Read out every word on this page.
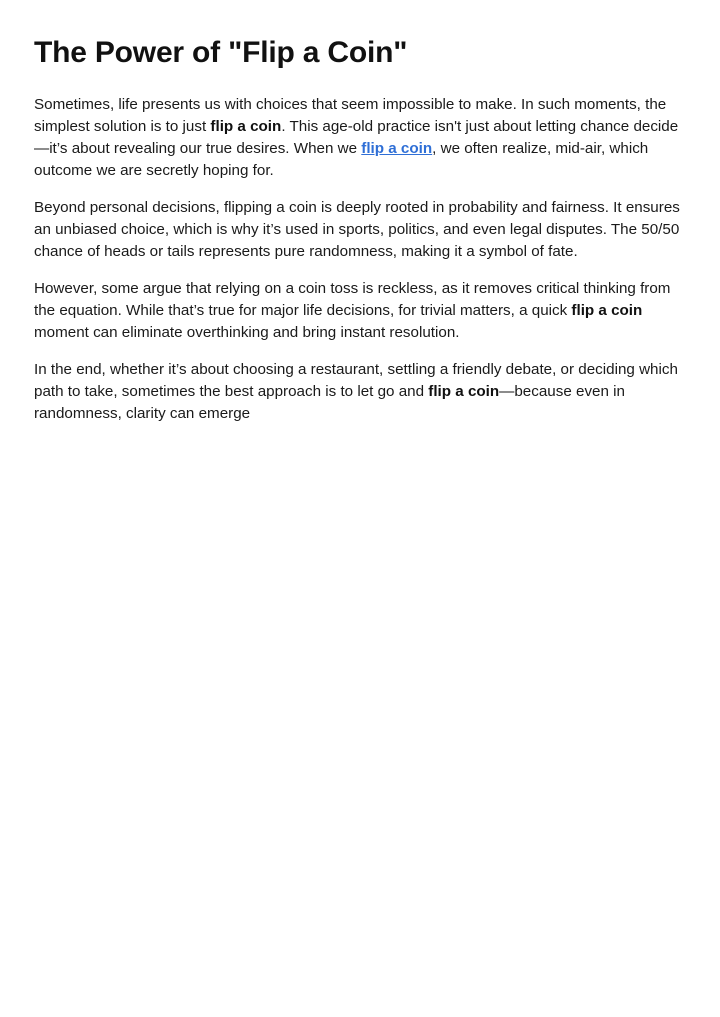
The Power of "Flip a Coin"

Sometimes, life presents us with choices that seem impossible to make. In such moments, the simplest solution is to just flip a coin. This age-old practice isn't just about letting chance decide—it’s about revealing our true desires. When we flip a coin, we often realize, mid-air, which outcome we are secretly hoping for.

Beyond personal decisions, flipping a coin is deeply rooted in probability and fairness. It ensures an unbiased choice, which is why it’s used in sports, politics, and even legal disputes. The 50/50 chance of heads or tails represents pure randomness, making it a symbol of fate.

However, some argue that relying on a coin toss is reckless, as it removes critical thinking from the equation. While that’s true for major life decisions, for trivial matters, a quick flip a coin moment can eliminate overthinking and bring instant resolution.

In the end, whether it’s about choosing a restaurant, settling a friendly debate, or deciding which path to take, sometimes the best approach is to let go and flip a coin—because even in randomness, clarity can emerge
